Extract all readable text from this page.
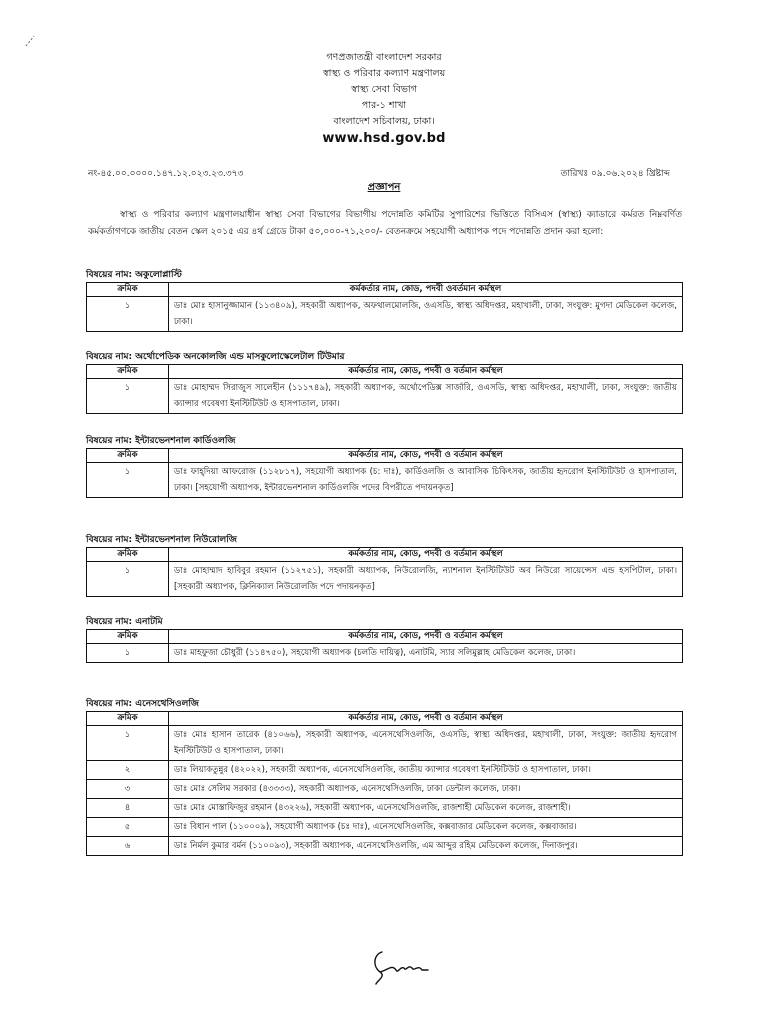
গণপ্রজাতন্ত্রী বাংলাদেশ সরকার
স্বাস্থ্য ও পরিবার কল্যাণ মন্ত্রণালয়
স্বাস্থ্য সেবা বিভাগ
পার-১ শাখা
বাংলাদেশ সচিবালয়, ঢাকা।
www.hsd.gov.bd
নং-৪৫.০০.০০০০.১৪৭.১২.০২৩.২৩.৩৭৩	তারিখঃ ০৯.০৬.২০২৪ খ্রিষ্টাব্দ
প্রজ্ঞাপন
স্বাস্থ্য ও পরিবার কল্যাণ মন্ত্রণালয়াধীন স্বাস্থ্য সেবা বিভাগের বিভাগীয় পদোন্নতি কমিটির সুপারিশের ভিত্তিতে বিসিএস (স্বাস্থ্য) ক্যাডারে কর্মরত নিম্নবর্ণিত কর্মকর্তাগণকে জাতীয় বেতন স্কেল ২০১৫ এর ৪র্থ গ্রেডে টাকা ৫০,০০০-৭১,২০০/- বেতনক্রমে সহযোগী অধ্যাপক পদে পদোন্নতি প্রদান করা হলো:
বিষয়ের নাম: অকুলোপ্লাস্টি
ক্রমিক	কর্মকর্তার নাম, কোড, পদবী ওবর্তমান কর্মস্থল
১	ডাঃ মোঃ হাসানুজ্জামান (১১৩৪০৯), সহকারী অধ্যাপক, অফথালমোলজি, ওএসডি, স্বাস্থ্য অধিদপ্তর, মহাখালী, ঢাকা, সংযুক্ত: মুগদা মেডিকেল কলেজ, ঢাকা।
বিষয়ের নাম: অর্থোপেডিক অনকোলজি এন্ড মাসকুলোস্কেলেটাল টিউমার
ক্রমিক	কর্মকর্তার নাম, কোড, পদবী ও বর্তমান কর্মস্থল
১	ডাঃ মোহাম্মদ সিরাজুস সালেহীন (১১১৭৪৯), সহকারী অধ্যাপক, অর্থোপেডিক্স সার্জারি, ওএসডি, স্বাস্থ্য অধিদপ্তর, মহাখালী, ঢাকা, সংযুক্ত: জাতীয় ক্যান্সার গবেষণা ইনস্টিটিউট ও হাসপাতাল, ঢাকা।
বিষয়ের নাম: ইন্টারভেনশনাল কার্ডিওলজি
ক্রমিক	কর্মকর্তার নাম, কোড, পদবী ও বর্তমান কর্মস্থল
১	ডাঃ ফাহ্‌দিয়া আফরোজ (১১২৮১৭), সহযোগী অধ্যাপক (চ: দাঃ), কার্ডিওলজি ও আবাসিক চিকিৎসক, জাতীয় হৃদরোগ ইনস্টিটিউট ও হাসপাতাল, ঢাকা। [সহযোগী অধ্যাপক, ইন্টারভেনশনাল কার্ডিওলজি পদের বিপরীতে পদায়নকৃত]
বিষয়ের নাম: ইন্টারভেনশনাল নিউরোলজি
ক্রমিক	কর্মকর্তার নাম, কোড, পদবী ও বর্তমান কর্মস্থল
১	ডাঃ মোহাম্মাদ হাবিবুর রহমান (১১২৭৫১), সহকারী অধ্যাপক, নিউরোলজি, ন্যাশনাল ইনস্টিটিউট অব নিউরো সায়েন্সেস এন্ড হসপিটাল, ঢাকা। [সহকারী অধ্যাপক, ক্লিনিক্যাল নিউরোলজি পদে পদায়নকৃত]
বিষয়ের নাম: এনাটমি
ক্রমিক	কর্মকর্তার নাম, কোড, পদবী ও বর্তমান কর্মস্থল
১	ডাঃ মাহফুজা চৌধুরী (১১৪৭৫০), সহযোগী অধ্যাপক (চলতি দায়িত্ব), এনাটমি, স্যার সলিমুল্লাহ মেডিকেল কলেজ, ঢাকা।
বিষয়ের নাম: এনেসথেসিওলজি
ক্রমিক	কর্মকর্তার নাম, কোড, পদবী ও বর্তমান কর্মস্থল
১	ডাঃ মোঃ হাসান তারেক (৪১০৬৬), সহকারী অধ্যাপক, এনেসথেসিওলজি, ওএসডি, স্বাস্থ্য অধিদপ্তর, মহাখালী, ঢাকা, সংযুক্ত: জাতীয় হৃদরোগ ইনস্টিটিউট ও হাসপাতাল, ঢাকা।
২	ডাঃ লিয়াকতুন্নুর (৪২০২২), সহকারী অধ্যাপক, এনেসথেসিওলজি, জাতীয় ক্যান্সার গবেষণা ইনস্টিটিউট ও হাসপাতাল, ঢাকা।
৩	ডাঃ মোঃ সেলিম সরকার (৪৩৩৩৩), সহকারী অধ্যাপক, এনেসথেসিওলজি, ঢাকা ডেন্টাল কলেজ, ঢাকা।
৪	ডাঃ মোঃ মোস্তাফিজুর রহমান (৪৩২২৬), সহকারী অধ্যাপক, এনেসথেসিওলজি, রাজশাহী মেডিকেল কলেজ, রাজশাহী।
৫	ডাঃ বিধান পাল (১১০০০৯), সহযোগী অধ্যাপক (চঃ দাঃ), এনেসথেসিওলজি, কক্সবাজার মেডিকেল কলেজ, কক্সবাজার।
৬	ডাঃ নির্মল কুমার বর্মন (১১০০৯৩), সহকারী অধ্যাপক, এনেসথেসিওলজি, এম আব্দুর রহিম মেডিকেল কলেজ, দিনাজপুর।
